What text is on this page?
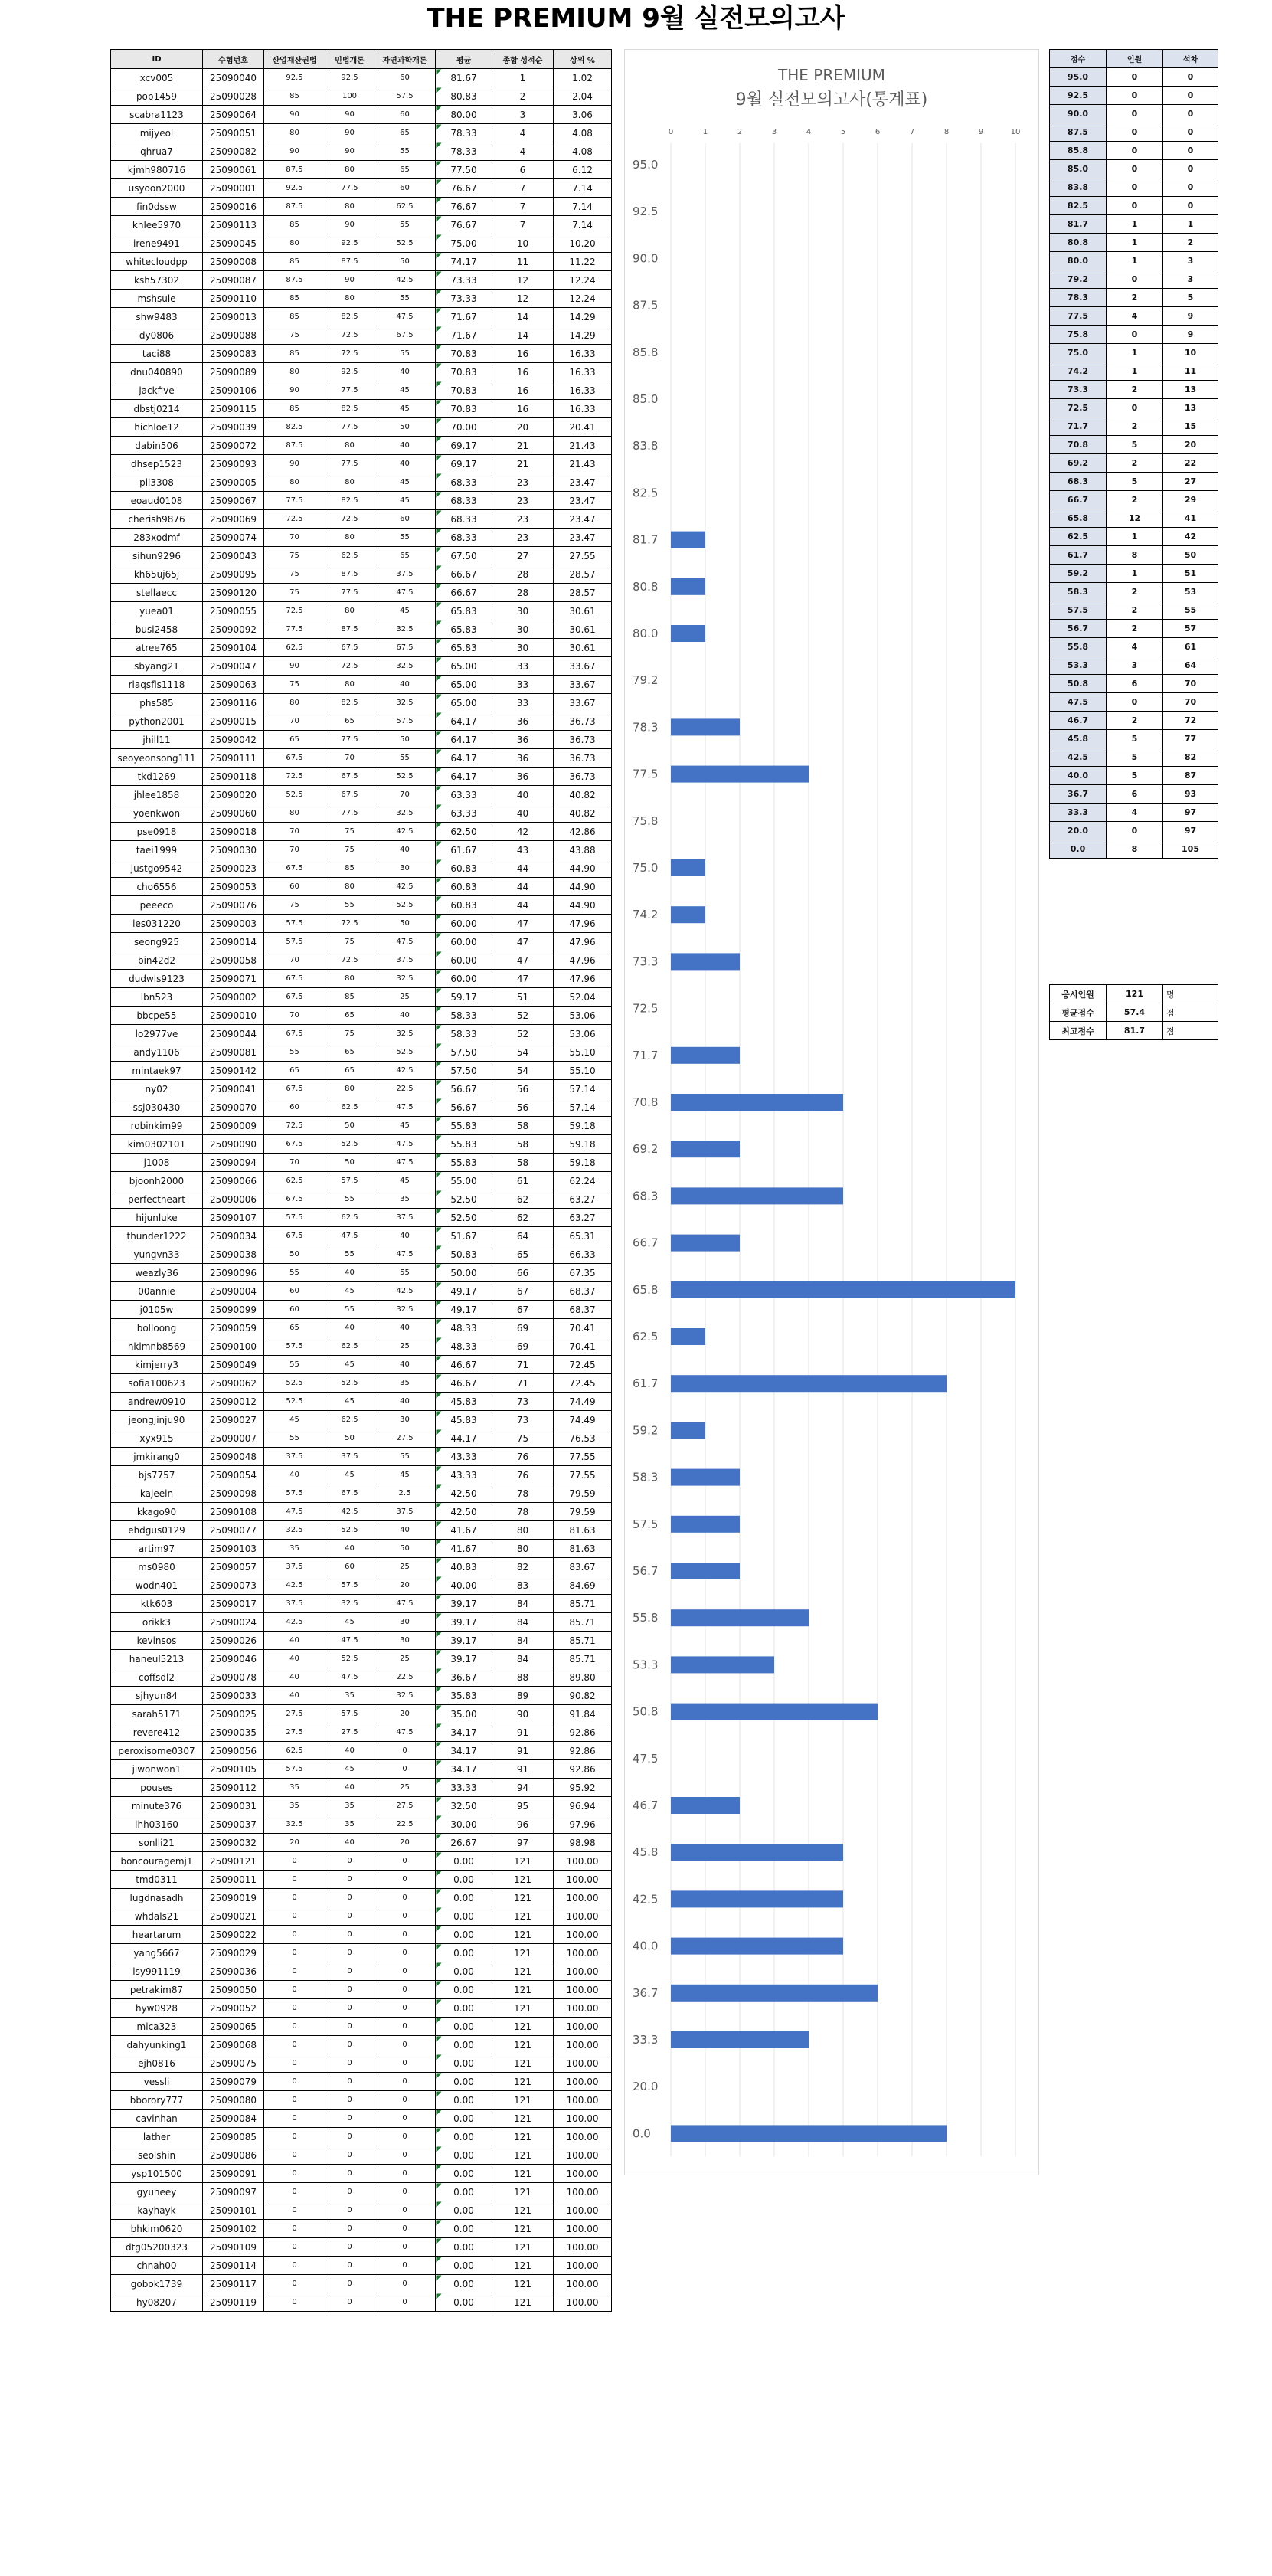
THE PREMIUM 9월 실전모의고사
ID	수험번호	산업재산권법	민법개론	자연과학개론	평균	종합 성적순	상위 %
xcv005	25090040	92.5	92.5	60	81.67	1	1.02
pop1459	25090028	85	100	57.5	80.83	2	2.04
scabra1123	25090064	90	90	60	80.00	3	3.06
mijyeol	25090051	80	90	65	78.33	4	4.08
qhrua7	25090082	90	90	55	78.33	4	4.08
kjmh980716	25090061	87.5	80	65	77.50	6	6.12
usyoon2000	25090001	92.5	77.5	60	76.67	7	7.14
fin0dssw	25090016	87.5	80	62.5	76.67	7	7.14
khlee5970	25090113	85	90	55	76.67	7	7.14
irene9491	25090045	80	92.5	52.5	75.00	10	10.20
whitecloudpp	25090008	85	87.5	50	74.17	11	11.22
ksh57302	25090087	87.5	90	42.5	73.33	12	12.24
mshsule	25090110	85	80	55	73.33	12	12.24
shw9483	25090013	85	82.5	47.5	71.67	14	14.29
dy0806	25090088	75	72.5	67.5	71.67	14	14.29
taci88	25090083	85	72.5	55	70.83	16	16.33
dnu040890	25090089	80	92.5	40	70.83	16	16.33
jackfive	25090106	90	77.5	45	70.83	16	16.33
dbstj0214	25090115	85	82.5	45	70.83	16	16.33
hichloe12	25090039	82.5	77.5	50	70.00	20	20.41
dabin506	25090072	87.5	80	40	69.17	21	21.43
dhsep1523	25090093	90	77.5	40	69.17	21	21.43
pil3308	25090005	80	80	45	68.33	23	23.47
eoaud0108	25090067	77.5	82.5	45	68.33	23	23.47
cherish9876	25090069	72.5	72.5	60	68.33	23	23.47
283xodmf	25090074	70	80	55	68.33	23	23.47
sihun9296	25090043	75	62.5	65	67.50	27	27.55
kh65uj65j	25090095	75	87.5	37.5	66.67	28	28.57
stellaecc	25090120	75	77.5	47.5	66.67	28	28.57
yuea01	25090055	72.5	80	45	65.83	30	30.61
busi2458	25090092	77.5	87.5	32.5	65.83	30	30.61
atree765	25090104	62.5	67.5	67.5	65.83	30	30.61
sbyang21	25090047	90	72.5	32.5	65.00	33	33.67
rlaqsfls1118	25090063	75	80	40	65.00	33	33.67
phs585	25090116	80	82.5	32.5	65.00	33	33.67
python2001	25090015	70	65	57.5	64.17	36	36.73
jhill11	25090042	65	77.5	50	64.17	36	36.73
seoyeonsong111	25090111	67.5	70	55	64.17	36	36.73
tkd1269	25090118	72.5	67.5	52.5	64.17	36	36.73
jhlee1858	25090020	52.5	67.5	70	63.33	40	40.82
yoenkwon	25090060	80	77.5	32.5	63.33	40	40.82
pse0918	25090018	70	75	42.5	62.50	42	42.86
taei1999	25090030	70	75	40	61.67	43	43.88
justgo9542	25090023	67.5	85	30	60.83	44	44.90
cho6556	25090053	60	80	42.5	60.83	44	44.90
peeeco	25090076	75	55	52.5	60.83	44	44.90
les031220	25090003	57.5	72.5	50	60.00	47	47.96
seong925	25090014	57.5	75	47.5	60.00	47	47.96
bin42d2	25090058	70	72.5	37.5	60.00	47	47.96
dudwls9123	25090071	67.5	80	32.5	60.00	47	47.96
lbn523	25090002	67.5	85	25	59.17	51	52.04
bbcpe55	25090010	70	65	40	58.33	52	53.06
lo2977ve	25090044	67.5	75	32.5	58.33	52	53.06
andy1106	25090081	55	65	52.5	57.50	54	55.10
mintaek97	25090142	65	65	42.5	57.50	54	55.10
ny02	25090041	67.5	80	22.5	56.67	56	57.14
ssj030430	25090070	60	62.5	47.5	56.67	56	57.14
robinkim99	25090009	72.5	50	45	55.83	58	59.18
kim0302101	25090090	67.5	52.5	47.5	55.83	58	59.18
j1008	25090094	70	50	47.5	55.83	58	59.18
bjoonh2000	25090066	62.5	57.5	45	55.00	61	62.24
perfectheart	25090006	67.5	55	35	52.50	62	63.27
hijunluke	25090107	57.5	62.5	37.5	52.50	62	63.27
thunder1222	25090034	67.5	47.5	40	51.67	64	65.31
yungvn33	25090038	50	55	47.5	50.83	65	66.33
weazly36	25090096	55	40	55	50.00	66	67.35
00annie	25090004	60	45	42.5	49.17	67	68.37
j0105w	25090099	60	55	32.5	49.17	67	68.37
bolloong	25090059	65	40	40	48.33	69	70.41
hklmnb8569	25090100	57.5	62.5	25	48.33	69	70.41
kimjerry3	25090049	55	45	40	46.67	71	72.45
sofia100623	25090062	52.5	52.5	35	46.67	71	72.45
andrew0910	25090012	52.5	45	40	45.83	73	74.49
jeongjinju90	25090027	45	62.5	30	45.83	73	74.49
xyx915	25090007	55	50	27.5	44.17	75	76.53
jmkirang0	25090048	37.5	37.5	55	43.33	76	77.55
bjs7757	25090054	40	45	45	43.33	76	77.55
kajeein	25090098	57.5	67.5	2.5	42.50	78	79.59
kkago90	25090108	47.5	42.5	37.5	42.50	78	79.59
ehdgus0129	25090077	32.5	52.5	40	41.67	80	81.63
artim97	25090103	35	40	50	41.67	80	81.63
ms0980	25090057	37.5	60	25	40.83	82	83.67
wodn401	25090073	42.5	57.5	20	40.00	83	84.69
ktk603	25090017	37.5	32.5	47.5	39.17	84	85.71
orikk3	25090024	42.5	45	30	39.17	84	85.71
kevinsos	25090026	40	47.5	30	39.17	84	85.71
haneul5213	25090046	40	52.5	25	39.17	84	85.71
coffsdl2	25090078	40	47.5	22.5	36.67	88	89.80
sjhyun84	25090033	40	35	32.5	35.83	89	90.82
sarah5171	25090025	27.5	57.5	20	35.00	90	91.84
revere412	25090035	27.5	27.5	47.5	34.17	91	92.86
peroxisome0307	25090056	62.5	40	0	34.17	91	92.86
jiwonwon1	25090105	57.5	45	0	34.17	91	92.86
pouses	25090112	35	40	25	33.33	94	95.92
minute376	25090031	35	35	27.5	32.50	95	96.94
lhh03160	25090037	32.5	35	22.5	30.00	96	97.96
sonlli21	25090032	20	40	20	26.67	97	98.98
boncouragemj1	25090121	0	0	0	0.00	121	100.00
tmd0311	25090011	0	0	0	0.00	121	100.00
lugdnasadh	25090019	0	0	0	0.00	121	100.00
whdals21	25090021	0	0	0	0.00	121	100.00
heartarum	25090022	0	0	0	0.00	121	100.00
yang5667	25090029	0	0	0	0.00	121	100.00
lsy991119	25090036	0	0	0	0.00	121	100.00
petrakim87	25090050	0	0	0	0.00	121	100.00
hyw0928	25090052	0	0	0	0.00	121	100.00
mica323	25090065	0	0	0	0.00	121	100.00
dahyunking1	25090068	0	0	0	0.00	121	100.00
ejh0816	25090075	0	0	0	0.00	121	100.00
vessli	25090079	0	0	0	0.00	121	100.00
bborory777	25090080	0	0	0	0.00	121	100.00
cavinhan	25090084	0	0	0	0.00	121	100.00
lather	25090085	0	0	0	0.00	121	100.00
seolshin	25090086	0	0	0	0.00	121	100.00
ysp101500	25090091	0	0	0	0.00	121	100.00
gyuheey	25090097	0	0	0	0.00	121	100.00
kayhayk	25090101	0	0	0	0.00	121	100.00
bhkim0620	25090102	0	0	0	0.00	121	100.00
dtg05200323	25090109	0	0	0	0.00	121	100.00
chnah00	25090114	0	0	0	0.00	121	100.00
gobok1739	25090117	0	0	0	0.00	121	100.00
hy08207	25090119	0	0	0	0.00	121	100.00
THE PREMIUM
9월 실전모의고사(통계표)
0	1	2	3	4	5	6	7	8	9	10
95.0
92.5
90.0
87.5
85.8
85.0
83.8
82.5
81.7
80.8
80.0
79.2
78.3
77.5
75.8
75.0
74.2
73.3
72.5
71.7
70.8
69.2
68.3
66.7
65.8
62.5
61.7
59.2
58.3
57.5
56.7
55.8
53.3
50.8
47.5
46.7
45.8
42.5
40.0
36.7
33.3
20.0
0.0
점수	인원	석차
95.0	0	0
92.5	0	0
90.0	0	0
87.5	0	0
85.8	0	0
85.0	0	0
83.8	0	0
82.5	0	0
81.7	1	1
80.8	1	2
80.0	1	3
79.2	0	3
78.3	2	5
77.5	4	9
75.8	0	9
75.0	1	10
74.2	1	11
73.3	2	13
72.5	0	13
71.7	2	15
70.8	5	20
69.2	2	22
68.3	5	27
66.7	2	29
65.8	12	41
62.5	1	42
61.7	8	50
59.2	1	51
58.3	2	53
57.5	2	55
56.7	2	57
55.8	4	61
53.3	3	64
50.8	6	70
47.5	0	70
46.7	2	72
45.8	5	77
42.5	5	82
40.0	5	87
36.7	6	93
33.3	4	97
20.0	0	97
0.0	8	105
응시인원	121	명
평균점수	57.4	점
최고점수	81.7	점
